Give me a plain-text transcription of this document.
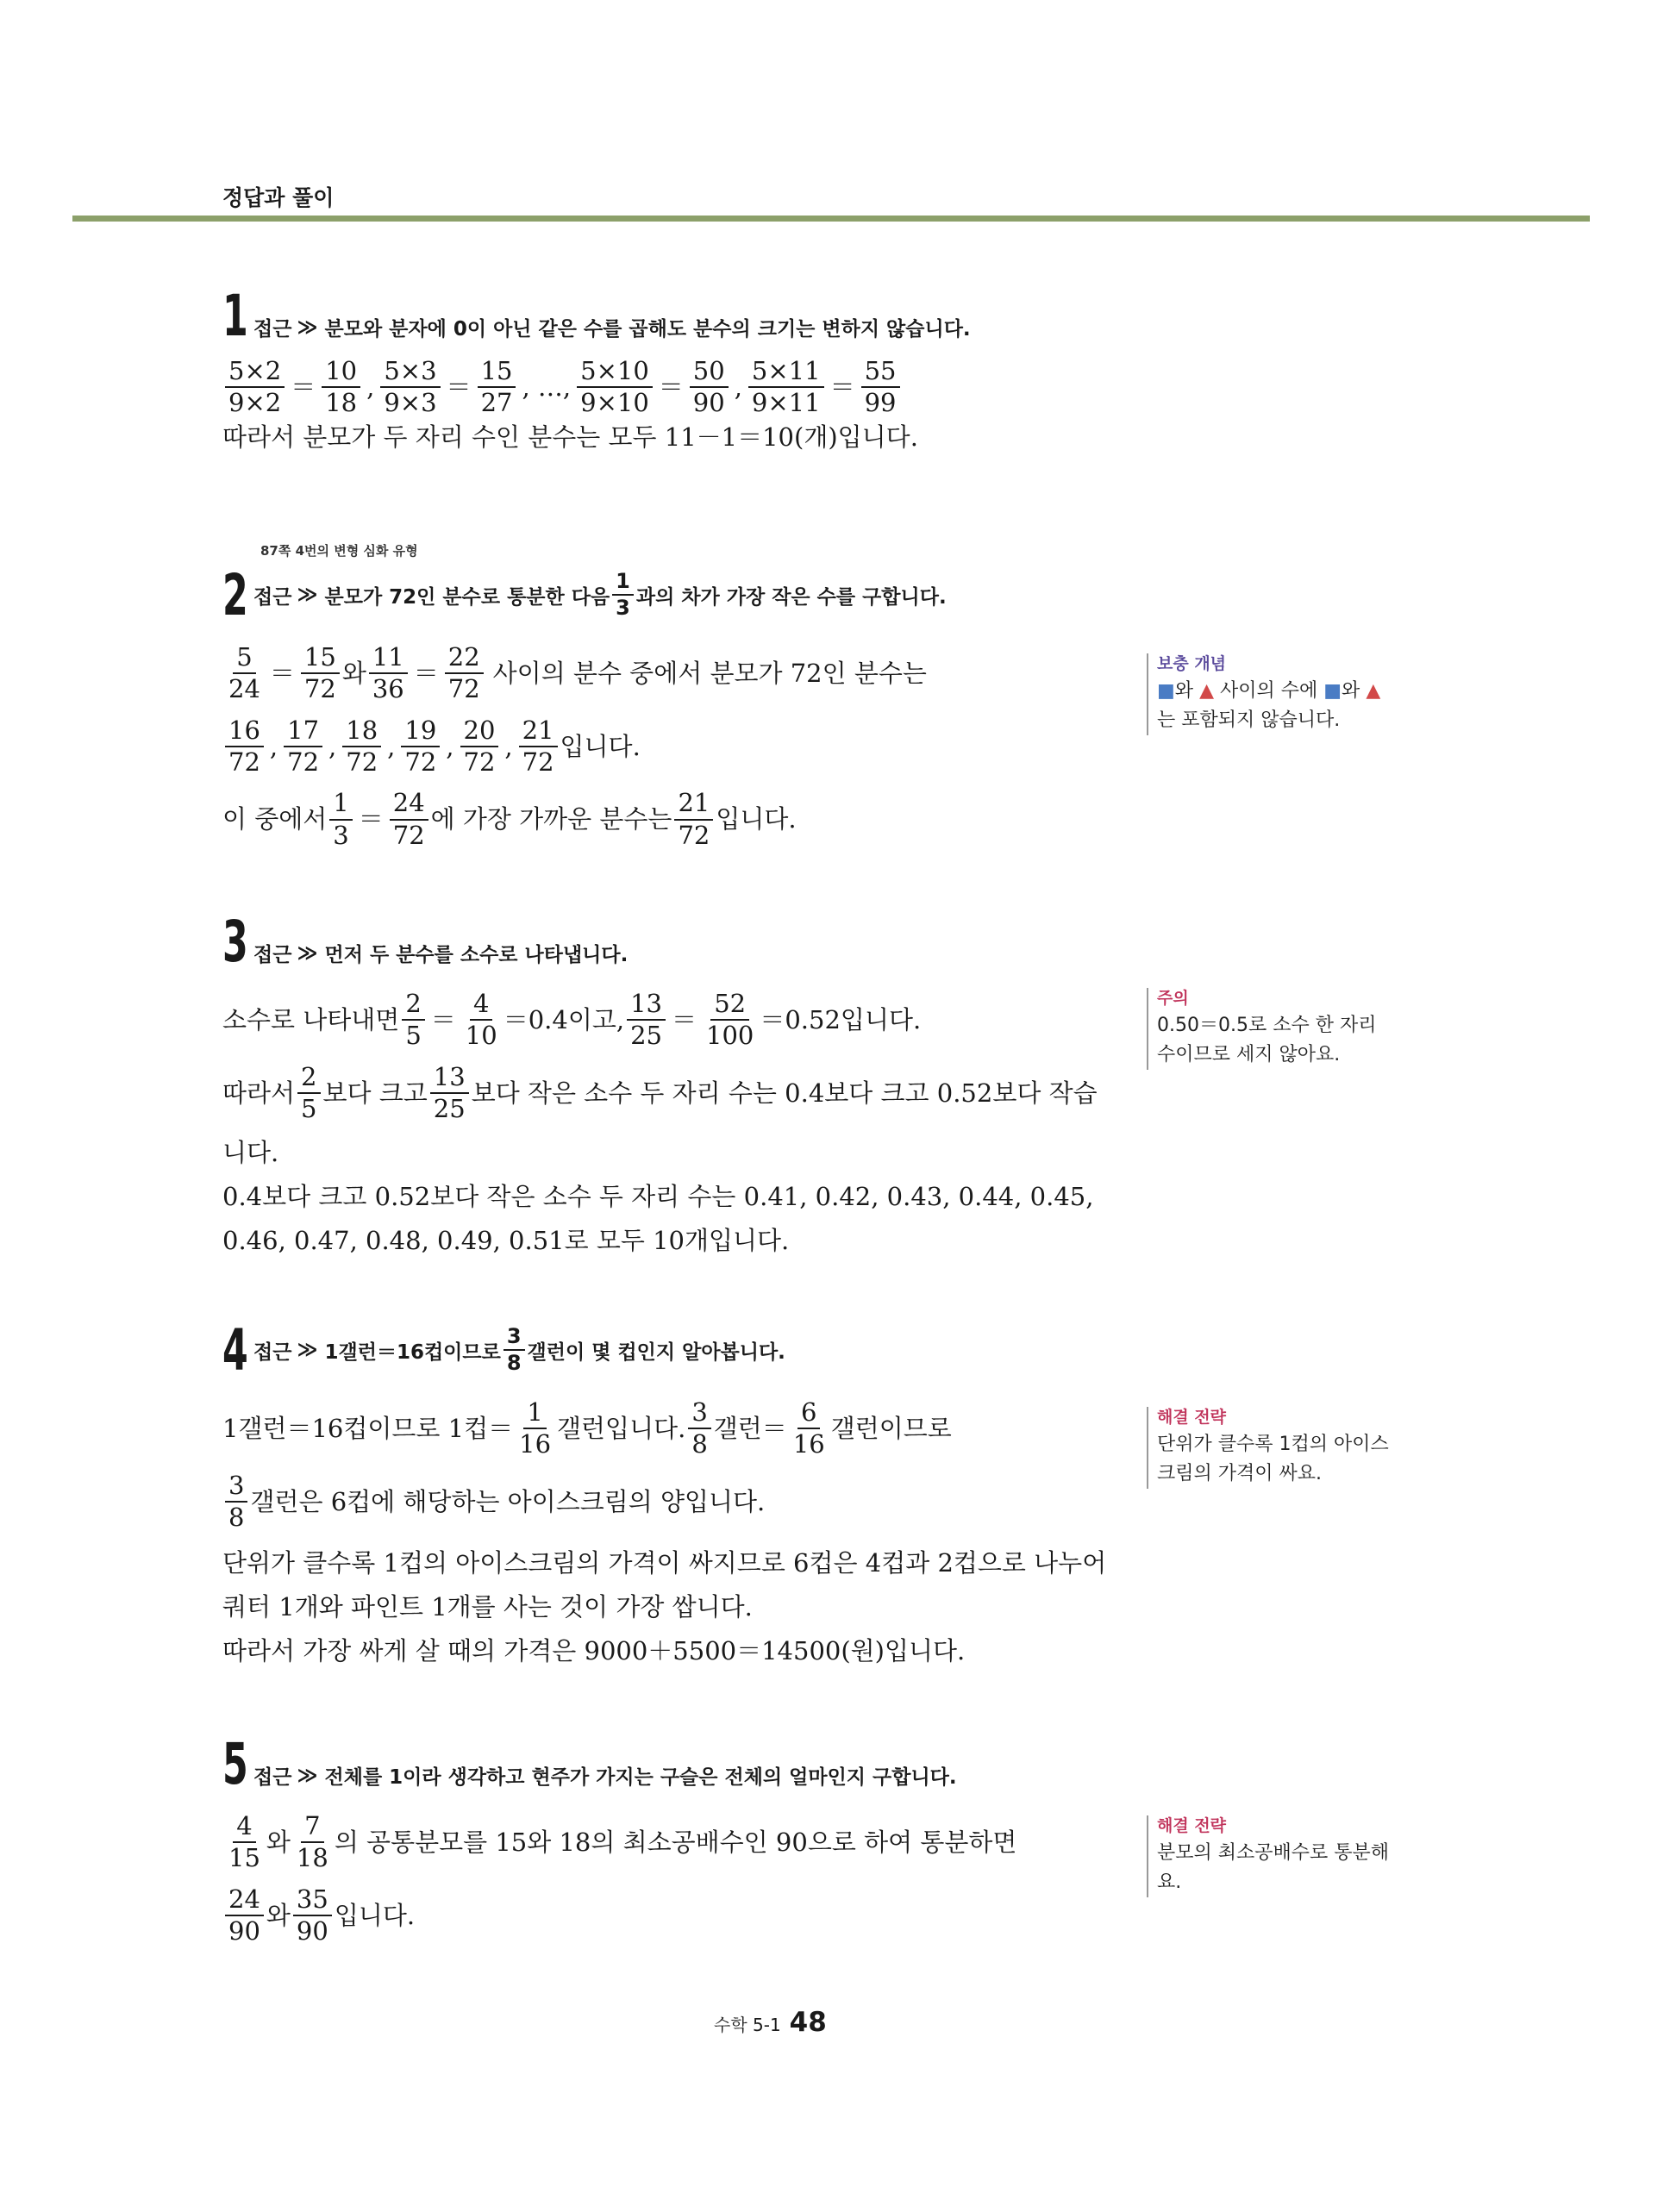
정답과 풀이
1 접근 ≫ 분모와 분자에 0이 아닌 같은 수를 곱해도 분수의 크기는 변하지 않습니다.
$\frac{5\times 2}{9\times 2} = \frac{10}{18}$ , $\frac{5\times 3}{9\times 3} = \frac{15}{27}$ , …, $\frac{5\times 10}{9\times 10} = \frac{50}{90}$ , $\frac{5\times 11}{9\times 11} = \frac{55}{99}$
따라서 분모가 두 자리 수인 분수는 모두 11－1＝10(개)입니다.
87쪽 4번의 변형 심화 유형
2 접근 ≫ 분모가 72인 분수로 통분한 다음 $\frac{1}{3}$ 과의 차가 가장 작은 수를 구합니다.
$\frac{5}{24} = \frac{15}{72}$ 와 $\frac{11}{36} = \frac{22}{72}$ 사이의 분수 중에서 분모가 72인 분수는
$\frac{16}{72}$ , $\frac{17}{72}$ , $\frac{18}{72}$ , $\frac{19}{72}$ , $\frac{20}{72}$ , $\frac{21}{72}$ 입니다.
이 중에서 $\frac{1}{3} = \frac{24}{72}$ 에 가장 가까운 분수는 $\frac{21}{72}$ 입니다.
보충 개념
■와 ▲ 사이의 수에 ■와 ▲
는 포함되지 않습니다.
3 접근 ≫ 먼저 두 분수를 소수로 나타냅니다.
소수로 나타내면 $\frac{2}{5} = \frac{4}{10} =0.4$이고, $\frac{13}{25} = \frac{52}{100} =0.52$입니다.
따라서 $\frac{2}{5}$ 보다 크고 $\frac{13}{25}$ 보다 작은 소수 두 자리 수는 0.4보다 크고 0.52보다 작습
니다.
0.4보다 크고 0.52보다 작은 소수 두 자리 수는 0.41, 0.42, 0.43, 0.44, 0.45,
0.46, 0.47, 0.48, 0.49, 0.51로 모두 10개입니다.
주의
0.50＝0.5로 소수 한 자리
수이므로 세지 않아요.
4 접근 ≫ 1갤런＝16컵이므로 $\frac{3}{8}$ 갤런이 몇 컵인지 알아봅니다.
1갤런＝16컵이므로 1컵＝ $\frac{1}{16}$ 갤런입니다. $\frac{3}{8}$ 갤런＝ $\frac{6}{16}$ 갤런이므로
$\frac{3}{8}$ 갤런은 6컵에 해당하는 아이스크림의 양입니다.
단위가 클수록 1컵의 아이스크림의 가격이 싸지므로 6컵은 4컵과 2컵으로 나누어
쿼터 1개와 파인트 1개를 사는 것이 가장 쌉니다.
따라서 가장 싸게 살 때의 가격은 9000＋5500＝14500(원)입니다.
해결 전략
단위가 클수록 1컵의 아이스
크림의 가격이 싸요.
5 접근 ≫ 전체를 1이라 생각하고 현주가 가지는 구슬은 전체의 얼마인지 구합니다.
$\frac{4}{15}$ 와 $\frac{7}{18}$ 의 공통분모를 15와 18의 최소공배수인 90으로 하여 통분하면
$\frac{24}{90}$ 와 $\frac{35}{90}$ 입니다.
해결 전략
분모의 최소공배수로 통분해
요.
수학 5-1 48
